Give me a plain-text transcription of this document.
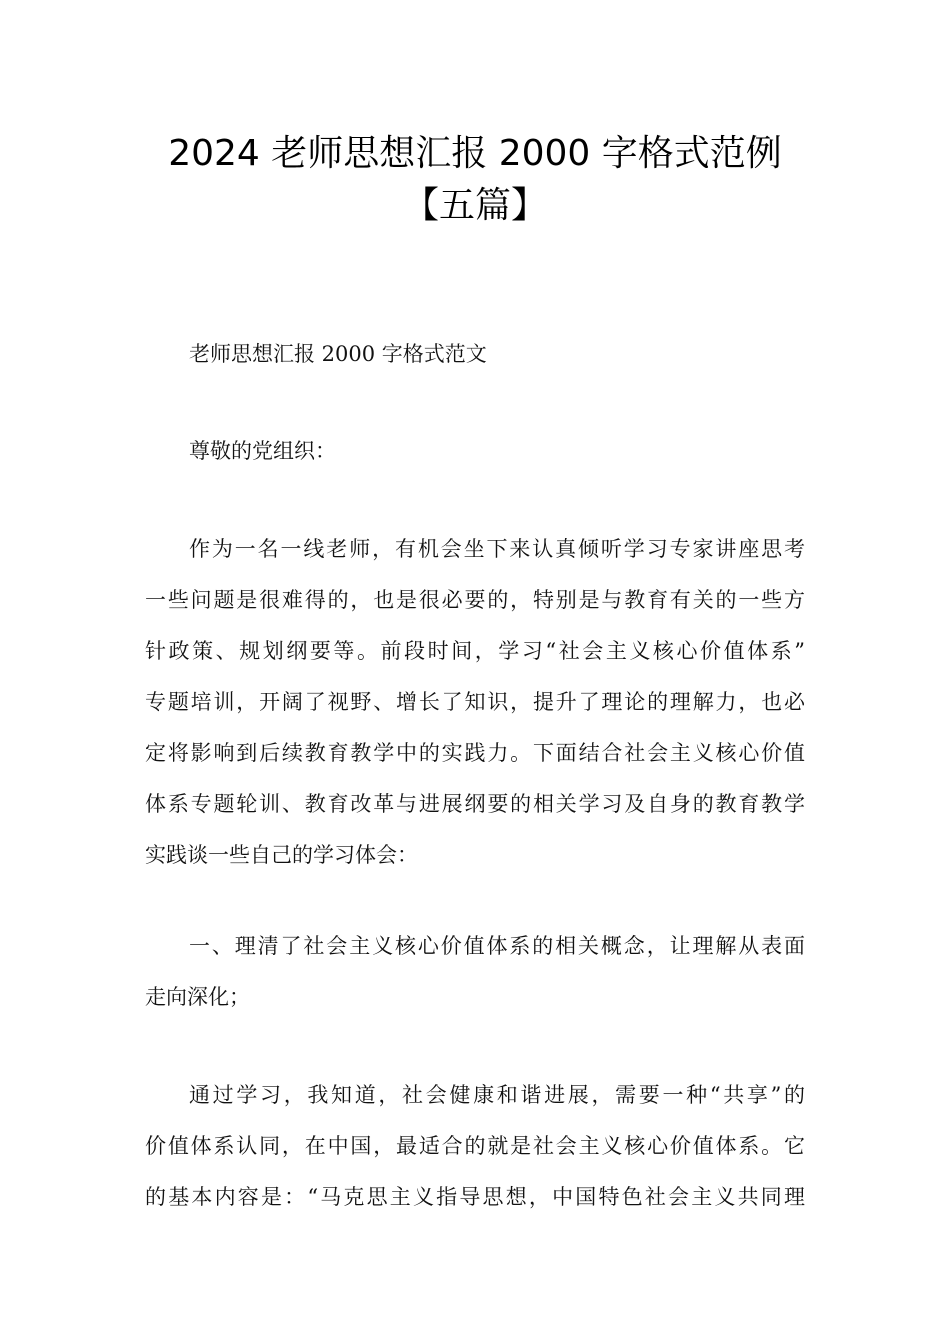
2024 老师思想汇报 2000 字格式范例
【五篇】
老师思想汇报 2000 字格式范文
尊敬的党组织：
作为一名一线老师，有机会坐下来认真倾听学习专家讲座思考
一些问题是很难得的，也是很必要的，特别是与教育有关的一些方
针政策、规划纲要等。前段时间，学习“社会主义核心价值体系”
专题培训，开阔了视野、增长了知识，提升了理论的理解力，也必
定将影响到后续教育教学中的实践力。下面结合社会主义核心价值
体系专题轮训、教育改革与进展纲要的相关学习及自身的教育教学
实践谈一些自己的学习体会：
一、理清了社会主义核心价值体系的相关概念，让理解从表面
走向深化；
通过学习，我知道，社会健康和谐进展，需要一种“共享”的
价值体系认同，在中国，最适合的就是社会主义核心价值体系。它
的基本内容是：“马克思主义指导思想，中国特色社会主义共同理
